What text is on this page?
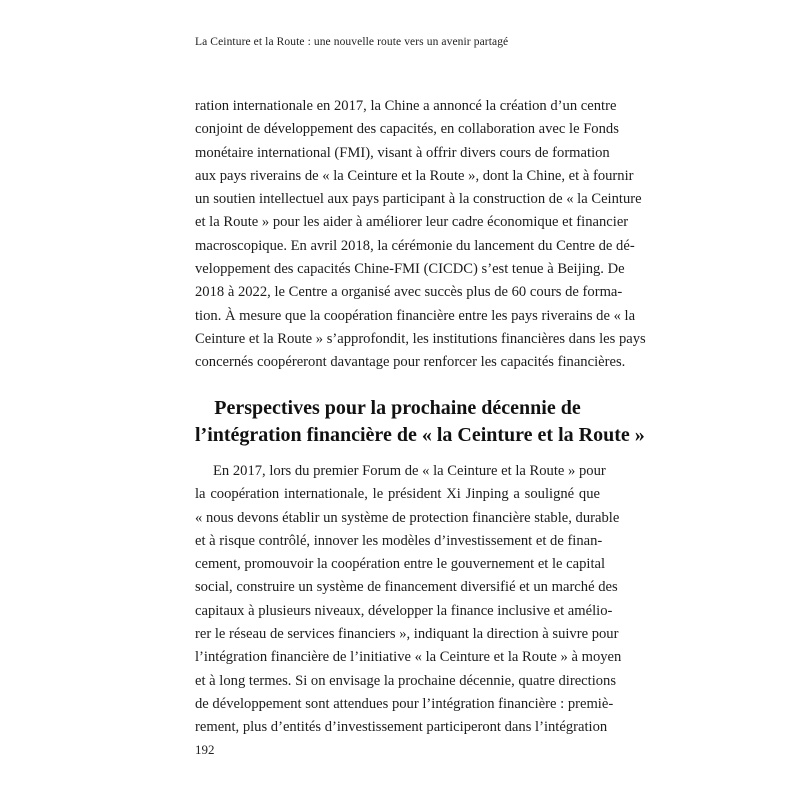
La Ceinture et la Route : une nouvelle route vers un avenir partagé
ration internationale en 2017, la Chine a annoncé la création d’un centre
conjoint de développement des capacités, en collaboration avec le Fonds
monétaire international (FMI), visant à offrir divers cours de formation
aux pays riverains de « la Ceinture et la Route », dont la Chine, et à fournir
un soutien intellectuel aux pays participant à la construction de « la Ceinture
et la Route » pour les aider à améliorer leur cadre économique et financier
macroscopique. En avril 2018, la cérémonie du lancement du Centre de dé-
veloppement des capacités Chine-FMI (CICDC) s’est tenue à Beijing. De
2018 à 2022, le Centre a organisé avec succès plus de 60 cours de forma-
tion. À mesure que la coopération financière entre les pays riverains de « la
Ceinture et la Route » s’approfondit, les institutions financières dans les pays
concernés coopéreront davantage pour renforcer les capacités financières.
Perspectives pour la prochaine décennie de
l’intégration financière de « la Ceinture et la Route »
En 2017, lors du premier Forum de « la Ceinture et la Route » pour
la coopération internationale, le président Xi Jinping a souligné que
« nous devons établir un système de protection financière stable, durable
et à risque contrôlé, innover les modèles d’investissement et de finan-
cement, promouvoir la coopération entre le gouvernement et le capital
social, construire un système de financement diversifié et un marché des
capitaux à plusieurs niveaux, développer la finance inclusive et amélio-
rer le réseau de services financiers », indiquant la direction à suivre pour
l’intégration financière de l’initiative « la Ceinture et la Route » à moyen
et à long termes. Si on envisage la prochaine décennie, quatre directions
de développement sont attendues pour l’intégration financière : premiè-
rement, plus d’entités d’investissement participeront dans l’intégration
192
